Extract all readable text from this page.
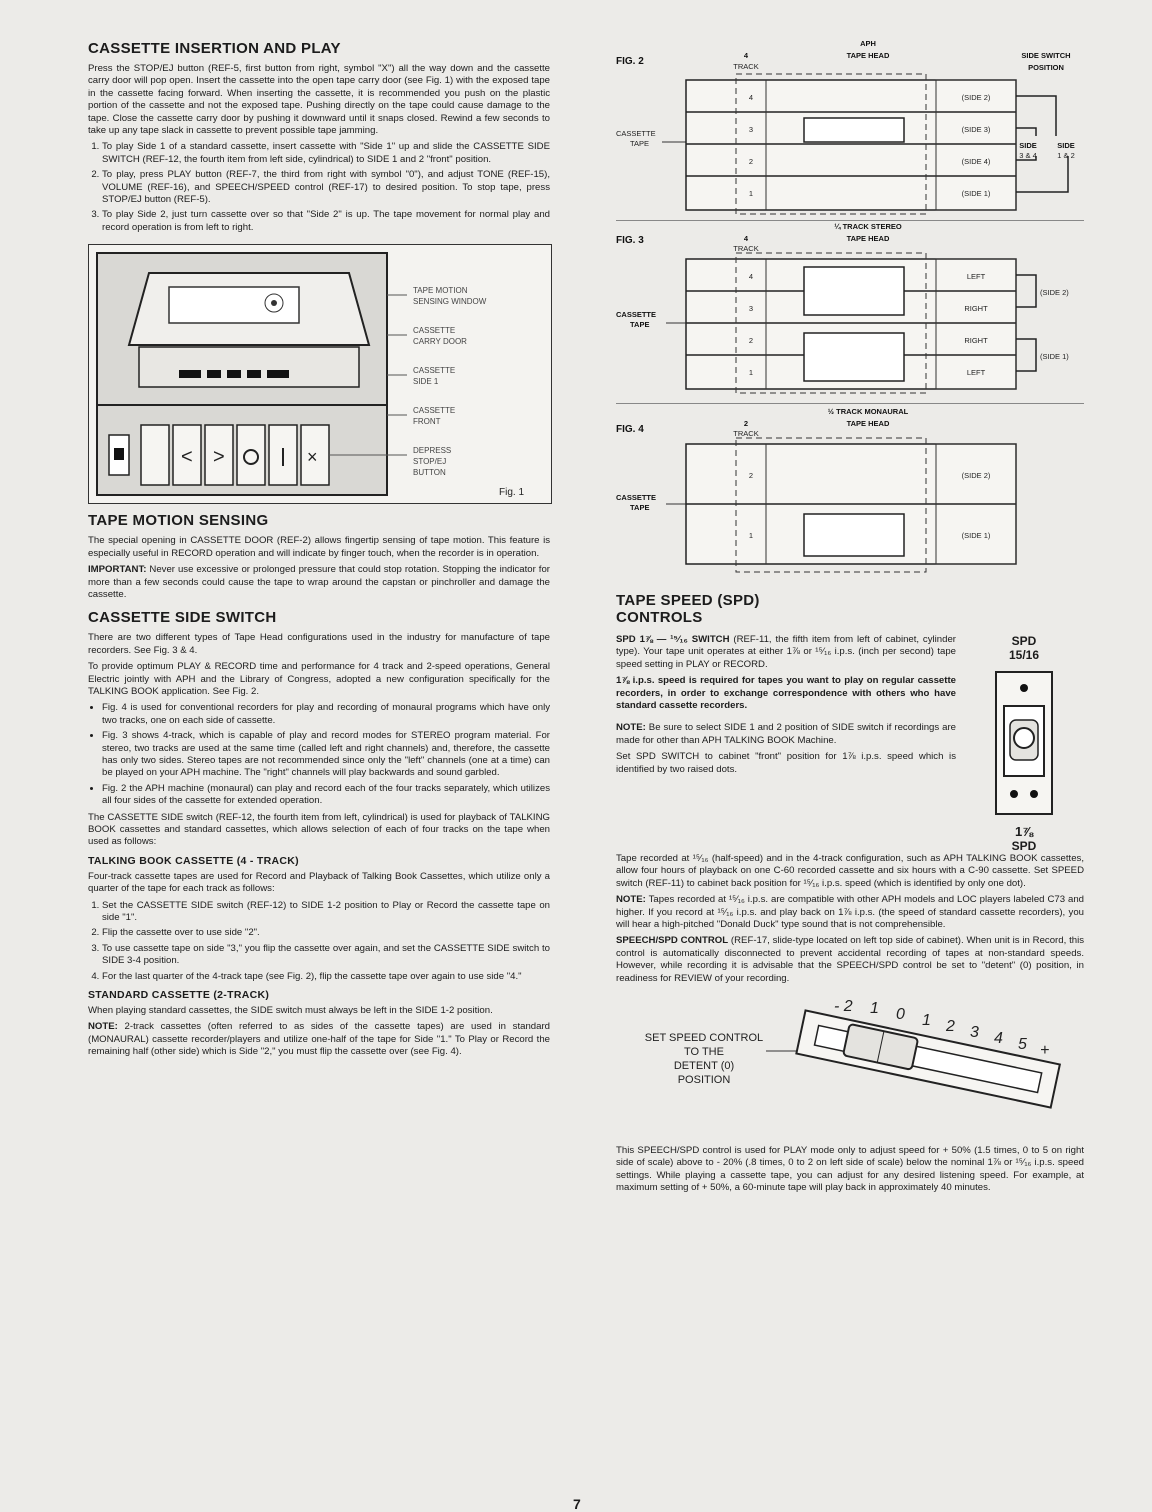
CASSETTE INSERTION AND PLAY

Press the STOP/EJ button (REF-5, first button from right, symbol "X") all the way down and the cassette carry door will pop open. Insert the cassette into the open tape carry door (see Fig. 1) with the exposed tape in the cassette facing forward. When inserting the cassette, it is recommended you push on the plastic portion of the cassette and not the exposed tape. Pushing directly on the tape could cause damage to the tape. Close the cassette carry door by pushing it downward until it snaps closed. Rewind a few seconds to take up any tape slack in cassette to prevent possible tape jamming.

1. To play Side 1 of a standard cassette, insert cassette with "Side 1" up and slide the CASSETTE SIDE SWITCH (REF-12, the fourth item from left side, cylindrical) to SIDE 1 and 2 "front" position.
2. To play, press PLAY button (REF-7, the third from right with symbol "0"), and adjust TONE (REF-15), VOLUME (REF-16), and SPEECH/SPEED control (REF-17) to desired position. To stop tape, press STOP/EJ button (REF-5).
3. To play Side 2, just turn cassette over so that "Side 2" is up. The tape movement for normal play and record operation is from left to right.
< >	×
TAPE MOTION
SENSING WINDOW
CASSETTE
CARRY DOOR
CASSETTE
SIDE 1
CASSETTE
FRONT
DEPRESS
STOP/EJ
BUTTON
Fig. 1
TAPE MOTION SENSING

The special opening in CASSETTE DOOR (REF-2) allows fingertip sensing of tape motion. This feature is especially useful in RECORD operation and will indicate by finger touch, when the recorder is in operation.

IMPORTANT: Never use excessive or prolonged pressure that could stop rotation. Stopping the indicator for more than a few seconds could cause the tape to wrap around the capstan or pinchroller and damage the cassette.

CASSETTE SIDE SWITCH

There are two different types of Tape Head configurations used in the industry for manufacture of tape recorders. See Fig. 3 & 4.

To provide optimum PLAY & RECORD time and performance for 4 track and 2-speed operations, General Electric jointly with APH and the Library of Congress, adopted a new configuration specifically for the TALKING BOOK application. See Fig. 2.

• Fig. 4 is used for conventional recorders for play and recording of monaural programs which have only two tracks, one on each side of cassette.
• Fig. 3 shows 4-track, which is capable of play and record modes for STEREO program material. For stereo, two tracks are used at the same time (called left and right channels) and, therefore, the cassette has only two sides. Stereo tapes are not recommended since only the "left" channels (one at a time) can be played on your APH machine. The "right" channels will play backwards and sound garbled.
• Fig. 2 the APH machine (monaural) can play and record each of the four tracks separately, which utilizes all four sides of the cassette for extended operation.

The CASSETTE SIDE switch (REF-12, the fourth item from left, cylindrical) is used for playback of TALKING BOOK cassettes and standard cassettes, which allows selection of each of four tracks on the tape when used as follows:

TALKING BOOK CASSETTE (4 - TRACK)

Four-track cassette tapes are used for Record and Playback of Talking Book Cassettes, which utilize only a quarter of the tape for each track as follows:

1. Set the CASSETTE SIDE switch (REF-12) to SIDE 1-2 position to Play or Record the cassette tape on side "1".
2. Flip the cassette over to use side "2".
3. To use cassette tape on side "3," you flip the cassette over again, and set the CASSETTE SIDE switch to SIDE 3-4 position.
4. For the last quarter of the 4-track tape (see Fig. 2), flip the cassette tape over again to use side "4."
STANDARD CASSETTE (2-TRACK)

When playing standard cassettes, the SIDE switch must always be left in the SIDE 1-2 position.

NOTE: 2-track cassettes (often referred to as sides of the cassette tapes) are used in standard (MONAURAL) cassette recorder/players and utilize one-half of the tape for Side "1." To Play or Record the remaining half (other side) which is Side "2," you must flip the cassette over (see Fig. 4).

FIG. 2
APH
TAPE HEAD
4
TRACK
SIDE SWITCH
POSITION
CASSETTE
TAPE
4
3
2
1
(SIDE 2)
(SIDE 3)
(SIDE 4)
(SIDE 1)
SIDE
3 & 4
SIDE
1 & 2
FIG. 3
¼ TRACK STEREO
TAPE HEAD
4
TRACK
CASSETTE
TAPE
4
3
2
1
LEFT
RIGHT
RIGHT
LEFT
(SIDE 2)
(SIDE 1)
FIG. 4
½ TRACK MONAURAL
TAPE HEAD
2
TRACK
CASSETTE
TAPE
2
1
(SIDE 2)
(SIDE 1)
TAPE SPEED (SPD)
CONTROLS
SPD
15/16
1⅞
SPD

SPD 1⅞ — ¹⁵⁄₁₆ SWITCH (REF-11, the fifth item from left of cabinet, cylinder type). Your tape unit operates at either 1⅞ or ¹⁵⁄₁₆ i.p.s. (inch per second) tape speed setting in PLAY or RECORD.

1⅞ i.p.s. speed is required for tapes you want to play on regular cassette recorders, in order to exchange correspondence with others who have standard cassette recorders.

NOTE: Be sure to select SIDE 1 and 2 position of SIDE switch if recordings are made for other than APH TALKING BOOK Machine.

Set SPD SWITCH to cabinet "front" position for 1⅞ i.p.s. speed which is identified by two raised dots.

Tape recorded at ¹⁵⁄₁₆ (half-speed) and in the 4-track configuration, such as APH TALKING BOOK cassettes, allow four hours of playback on one C-60 recorded cassette and six hours with a C-90 cassette. Set SPEED switch (REF-11) to cabinet back position for ¹⁵⁄₁₆ i.p.s. speed (which is identified by only one dot).

NOTE: Tapes recorded at ¹⁵⁄₁₆ i.p.s. are compatible with other APH models and LOC players labeled C73 and higher. If you record at ¹⁵⁄₁₆ i.p.s. and play back on 1⅞ i.p.s. (the speed of standard cassette recorders), you will hear a high-pitched "Donald Duck" type sound that is not comprehensible.

SPEECH/SPD CONTROL (REF-17, slide-type located on left top side of cabinet). When unit is in Record, this control is automatically disconnected to prevent accidental recording of tapes at non-standard speeds. However, while recording it is advisable that the SPEECH/SPD control be set to "detent" (0) position, in readiness for REVIEW of your recording.

SET SPEED CONTROL
TO THE
DETENT (0)
POSITION
- 2 1 0 1 2 3 4 5 +

This SPEECH/SPD control is used for PLAY mode only to adjust speed for + 50% (1.5 times, 0 to 5 on right side of scale) above to - 20% (.8 times, 0 to 2 on left side of scale) below the nominal 1⅞ or ¹⁵⁄₁₆ i.p.s. speed settings. While playing a cassette tape, you can adjust for any desired listening speed. For example, at maximum setting of + 50%, a 60-minute tape will play back in approximately 40 minutes.

7
